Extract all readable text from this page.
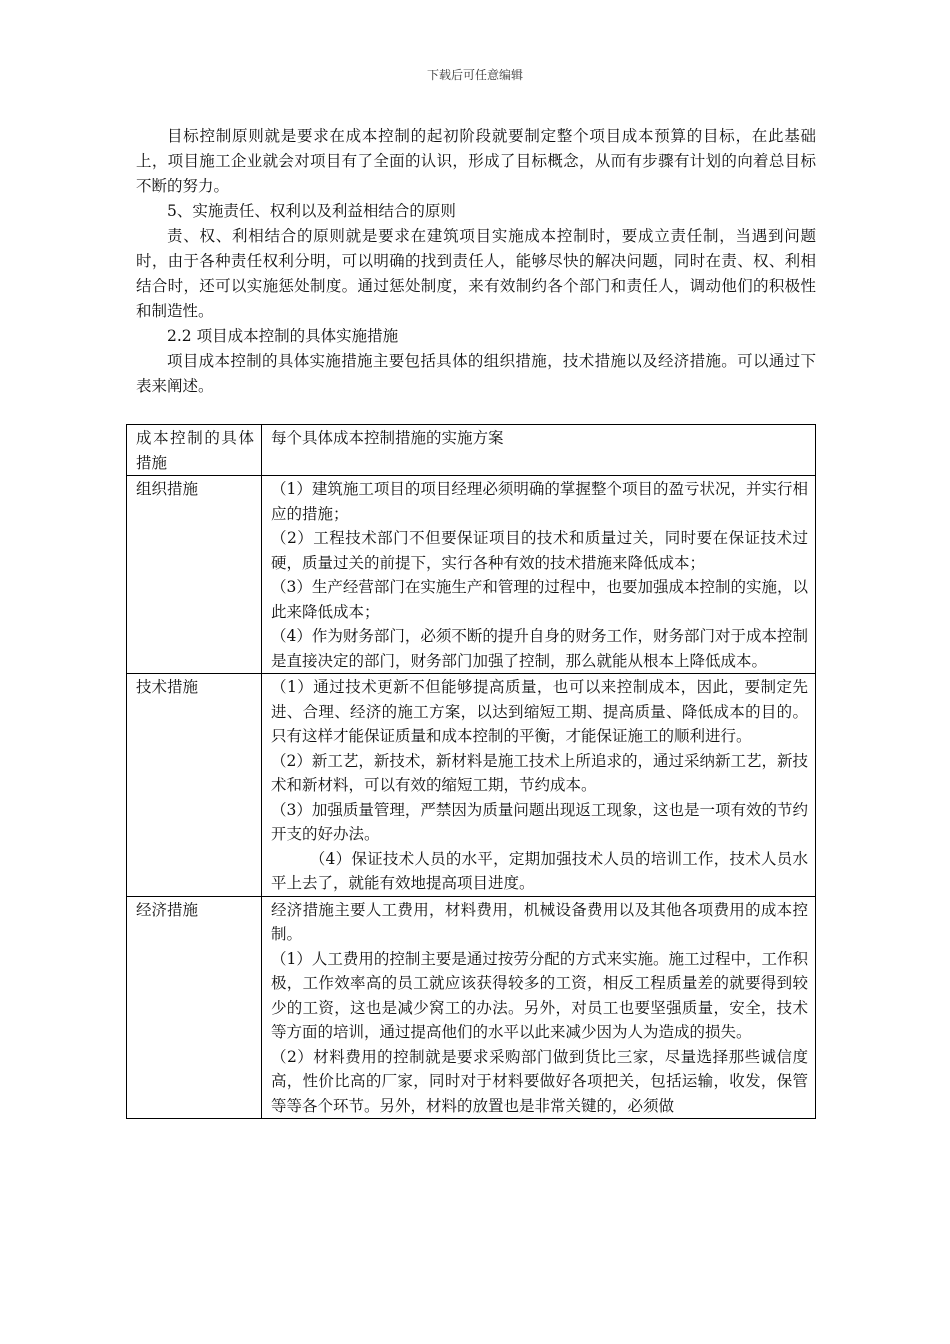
下载后可任意编辑

目标控制原则就是要求在成本控制的起初阶段就要制定整个项目成本预算的目标，在此基础上，项目施工企业就会对项目有了全面的认识，形成了目标概念，从而有步骤有计划的向着总目标不断的努力。

5、实施责任、权利以及利益相结合的原则

责、权、利相结合的原则就是要求在建筑项目实施成本控制时，要成立责任制，当遇到问题时，由于各种责任权利分明，可以明确的找到责任人，能够尽快的解决问题，同时在责、权、利相结合时，还可以实施惩处制度。通过惩处制度，来有效制约各个部门和责任人，调动他们的积极性和制造性。

2.2 项目成本控制的具体实施措施

项目成本控制的具体实施措施主要包括具体的组织措施，技术措施以及经济措施。可以通过下表来阐述。

成本控制的具体措施	每个具体成本控制措施的实施方案
组织措施	（1）建筑施工项目的项目经理必须明确的掌握整个项目的盈亏状况，并实行相应的措施；
（2）工程技术部门不但要保证项目的技术和质量过关，同时要在保证技术过硬，质量过关的前提下，实行各种有效的技术措施来降低成本；
（3）生产经营部门在实施生产和管理的过程中，也要加强成本控制的实施，以此来降低成本；
（4）作为财务部门，必须不断的提升自身的财务工作，财务部门对于成本控制是直接决定的部门，财务部门加强了控制，那么就能从根本上降低成本。

技术措施	（1）通过技术更新不但能够提高质量，也可以来控制成本，因此，要制定先进、合理、经济的施工方案，以达到缩短工期、提高质量、降低成本的目的。只有这样才能保证质量和成本控制的平衡，才能保证施工的顺利进行。
（2）新工艺，新技术，新材料是施工技术上所追求的，通过采纳新工艺，新技术和新材料，可以有效的缩短工期，节约成本。
（3）加强质量管理，严禁因为质量问题出现返工现象，这也是一项有效的节约开支的好办法。
（4）保证技术人员的水平，定期加强技术人员的培训工作，技术人员水平上去了，就能有效地提高项目进度。

经济措施	经济措施主要人工费用，材料费用，机械设备费用以及其他各项费用的成本控制。
（1）人工费用的控制主要是通过按劳分配的方式来实施。施工过程中，工作积极，工作效率高的员工就应该获得较多的工资，相反工程质量差的就要得到较少的工资，这也是减少窝工的办法。另外，对员工也要坚强质量，安全，技术等方面的培训，通过提高他们的水平以此来减少因为人为造成的损失。
（2）材料费用的控制就是要求采购部门做到货比三家，尽量选择那些诚信度高，性价比高的厂家，同时对于材料要做好各项把关，包括运输，收发，保管等等各个环节。另外，材料的放置也是非常关键的，必须做
